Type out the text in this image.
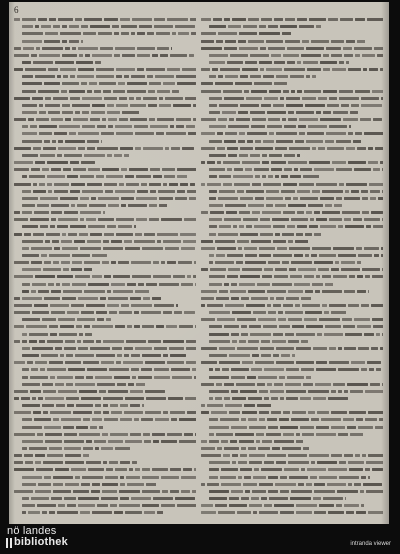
6
nö landes
bibliothek	intranda viewer
